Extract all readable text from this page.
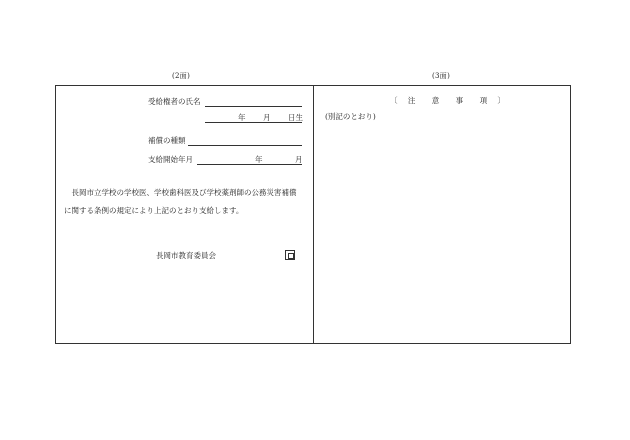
(2面)	(3面)
受給権者の氏名
年 月 日生
補償の種類
支給開始年月	年	月

　長岡市立学校の学校医、学校歯科医及び学校薬剤師の公務災害補償

に関する条例の規定により上記のとおり支給します。

長岡市教育委員会
〔 注 意 事 項 〕
(別記のとおり)
